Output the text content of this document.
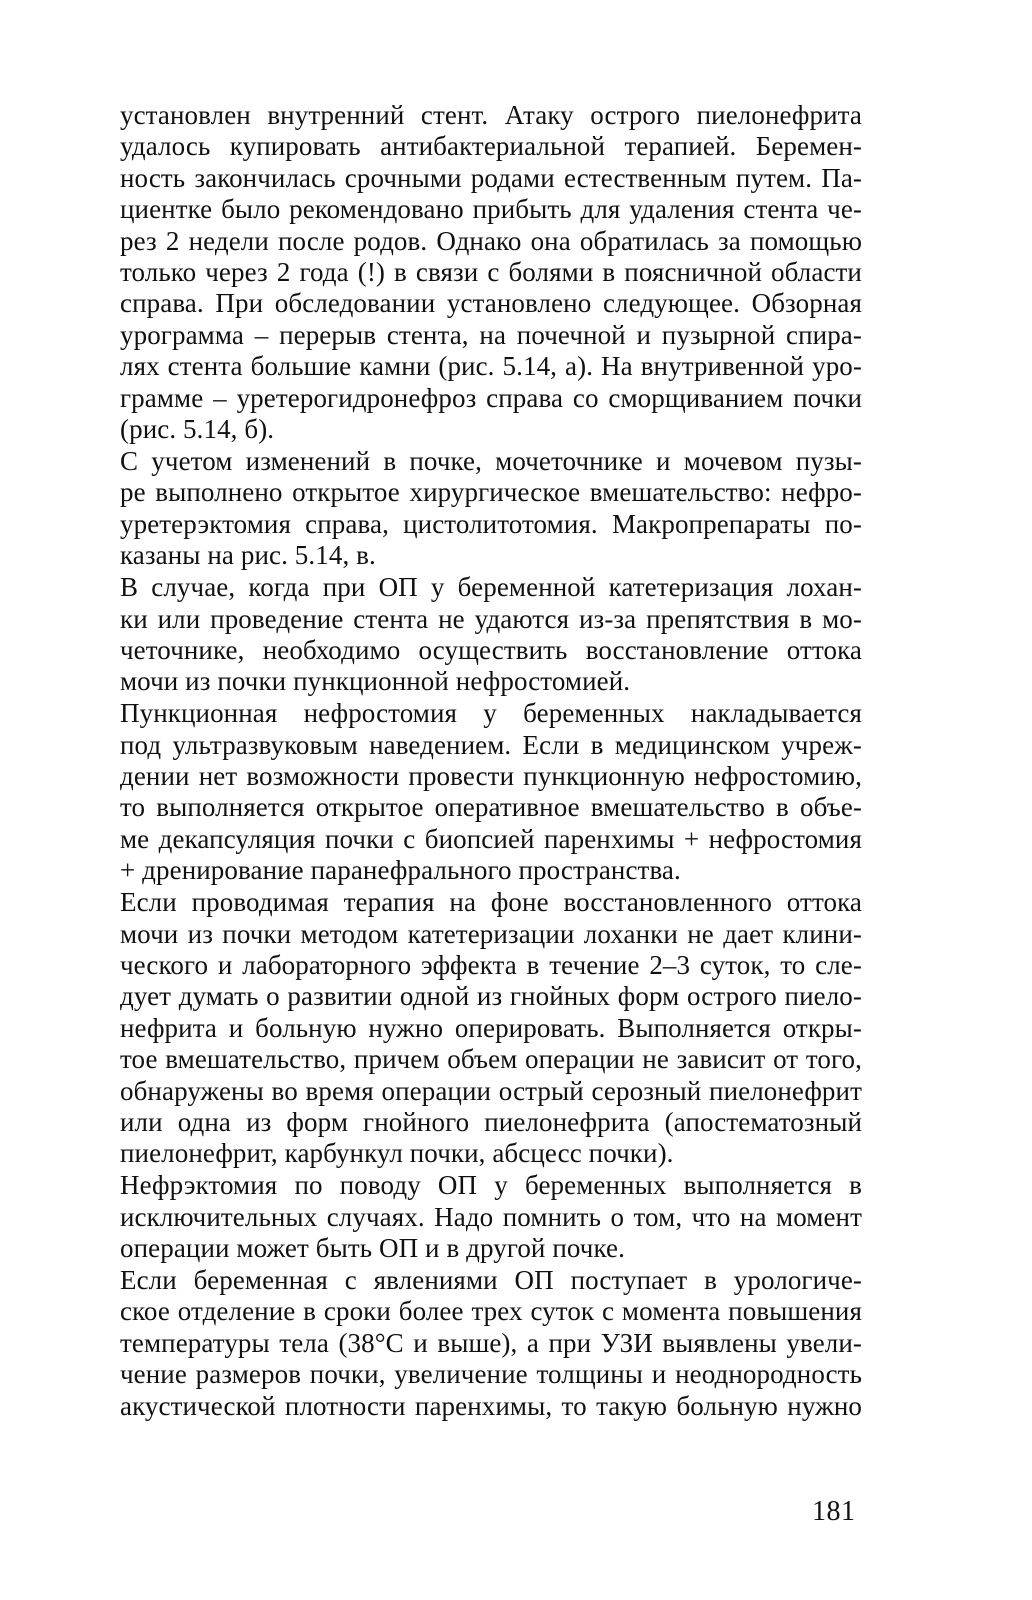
установлен внутренний стент. Атаку острого пиелонефрита
удалось купировать антибактериальной терапией. Беремен-
ность закончилась срочными родами естественным путем. Па-
циентке было рекомендовано прибыть для удаления стента че-
рез 2 недели после родов. Однако она обратилась за помощью
только через 2 года (!) в связи с болями в поясничной области
справа. При обследовании установлено следующее. Обзорная
урограмма – перерыв стента, на почечной и пузырной спира-
лях стента большие камни (рис. 5.14, а). На внутривенной уро-
грамме – уретерогидронефроз справа со сморщиванием почки
(рис. 5.14, б).

С учетом изменений в почке, мочеточнике и мочевом пузы-
ре выполнено открытое хирургическое вмешательство: нефро-
уретерэктомия справа, цистолитотомия. Макропрепараты по-
казаны на рис. 5.14, в.

В случае, когда при ОП у беременной катетеризация лохан-
ки или проведение стента не удаются из-за препятствия в мо-
четочнике, необходимо осуществить восстановление оттока
мочи из почки пункционной нефростомией.

Пункционная нефростомия у беременных накладывается
под ультразвуковым наведением. Если в медицинском учреж-
дении нет возможности провести пункционную нефростомию,
то выполняется открытое оперативное вмешательство в объе-
ме декапсуляция почки с биопсией паренхимы + нефростомия
+ дренирование паранефрального пространства.

Если проводимая терапия на фоне восстановленного оттока
мочи из почки методом катетеризации лоханки не дает клини-
ческого и лабораторного эффекта в течение 2–3 суток, то сле-
дует думать о развитии одной из гнойных форм острого пиело-
нефрита и больную нужно оперировать. Выполняется откры-
тое вмешательство, причем объем операции не зависит от того,
обнаружены во время операции острый серозный пиелонефрит
или одна из форм гнойного пиелонефрита (апостематозный
пиелонефрит, карбункул почки, абсцесс почки).

Нефрэктомия по поводу ОП у беременных выполняется в
исключительных случаях. Надо помнить о том, что на момент
операции может быть ОП и в другой почке.

Если беременная с явлениями ОП поступает в урологиче-
ское отделение в сроки более трех суток с момента повышения
температуры тела (38°С и выше), а при УЗИ выявлены увели-
чение размеров почки, увеличение толщины и неоднородность
акустической плотности паренхимы, то такую больную нужно

181
